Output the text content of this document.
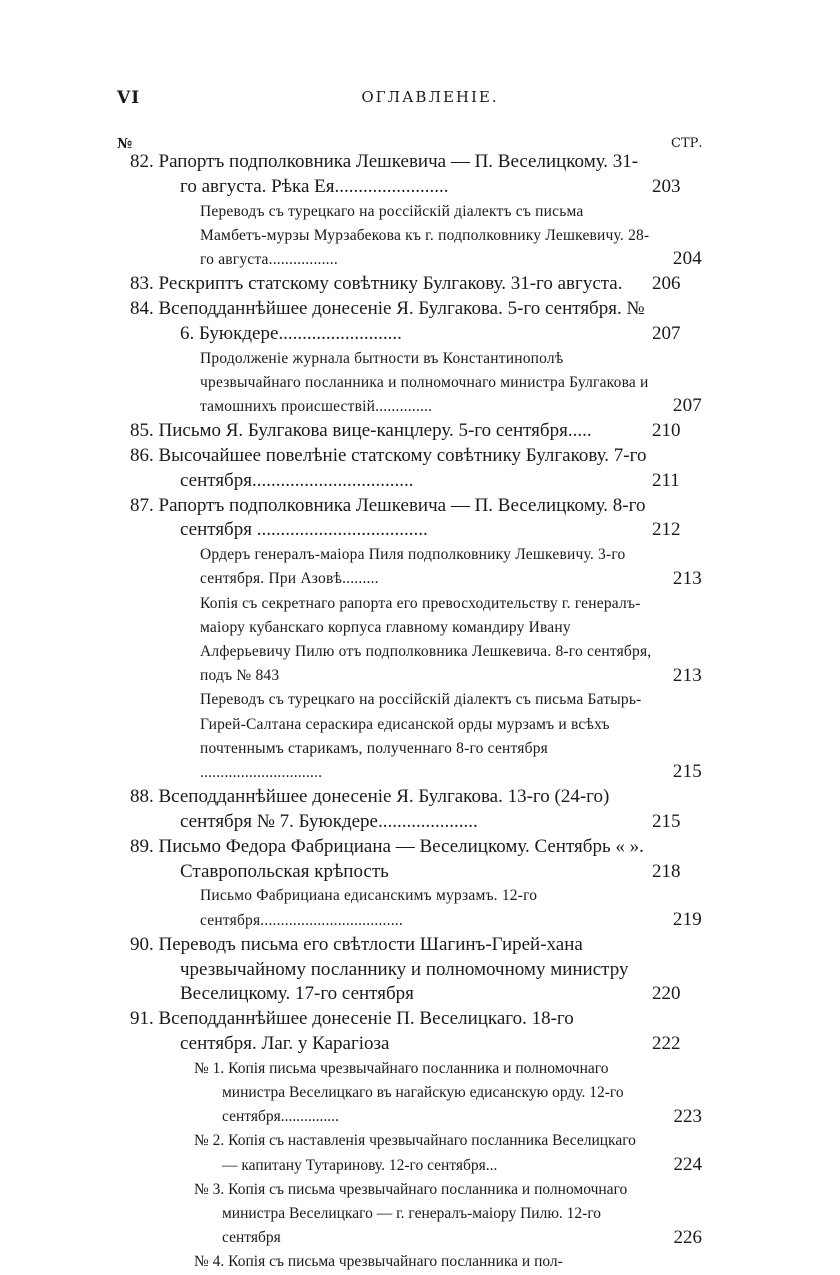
VI	ОГЛАВЛЕНІЕ.
№	СТР.
82. Рапортъ подполковника Лешкевича — П. Веселицкому. 31-го августа. Рѣка Ея........................	203
Переводъ съ турецкаго на россійскій діалектъ съ письма Мамбетъ-мурзы Мурзабекова къ г. подполковнику Лешкевичу. 28-го августа.................	204
83. Рескриптъ статскому совѣтнику Булгакову. 31-го августа. 206
84. Всеподданнѣйшее донесеніе Я. Булгакова. 5-го сентября. № 6. Буюкдере..........................	207
Продолженіе журнала бытности въ Константинополѣ чрезвычайнаго посланника и полномочнаго министра Булгакова и тамошнихъ происшествій..............	207
85. Письмо Я. Булгакова вице-канцлеру. 5-го сентября.....	210
86. Высочайшее повелѣніе статскому совѣтнику Булгакову. 7-го сентября..................................	211
87. Рапортъ подполковника Лешкевича — П. Веселицкому. 8-го сентября ....................................	212
Ордеръ генералъ-маіора Пиля подполковнику Лешкевичу. 3-го сентября. При Азовѣ.........	213
Копія съ секретнаго рапорта его превосходительству г. генералъ-маіору кубанскаго корпуса главному командиру Ивану Алферьевичу Пилю отъ подполковника Лешкевича. 8-го сентября, подъ № 843	213
Переводъ съ турецкаго на россійскій діалектъ съ письма Батырь-Гирей-Салтана сераскира едисанской орды мурзамъ и всѣхъ почтеннымъ старикамъ, полученнаго 8-го сентября ..............................	215
88. Всеподданнѣйшее донесеніе Я. Булгакова. 13-го (24-го) сентября № 7. Буюкдере.....................	215
89. Письмо Федора Фабрициана — Веселицкому. Сентябрь « ». Ставропольская крѣпость	218
Письмо Фабрициана едисанскимъ мурзамъ. 12-го сентября...................................	219
90. Переводъ письма его свѣтлости Шагинъ-Гирей-хана чрезвычайному посланнику и полномочному министру Веселицкому. 17-го сентября	220
91. Всеподданнѣйшее донесеніе П. Веселицкаго. 18-го сентября. Лаг. у Карагіоза	222
№ 1. Копія письма чрезвычайнаго посланника и полномочнаго министра Веселицкаго въ нагайскую едисанскую орду. 12-го сентября...............	223
№ 2. Копія съ наставленія чрезвычайнаго посланника Веселицкаго — капитану Тутаринову. 12-го сентября...	224
№ 3. Копія съ письма чрезвычайнаго посланника и полномочнаго министра Веселицкаго — г. генералъ-маіору Пилю. 12-го сентября	226
№ 4. Копія съ письма чрезвычайнаго посланника и пол-
